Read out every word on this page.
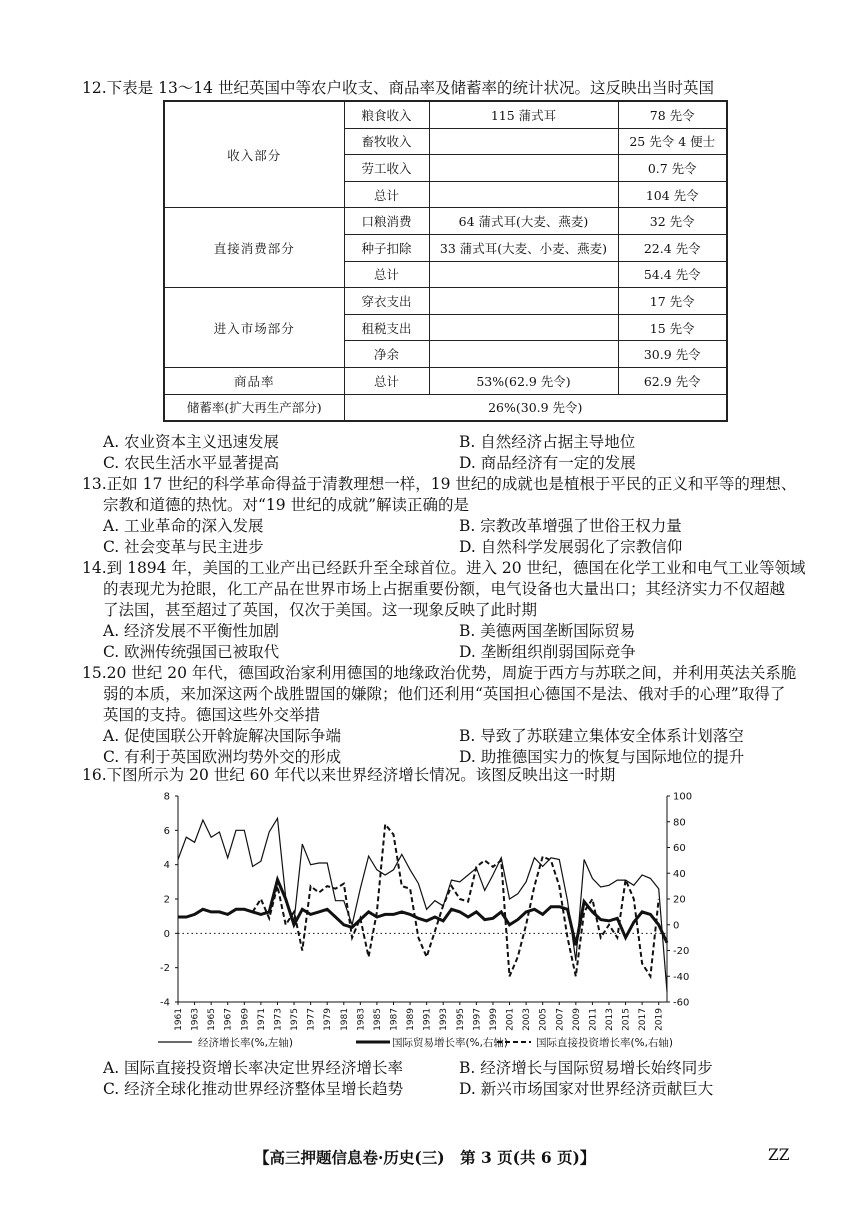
12.下表是 13～14 世纪英国中等农户收支、商品率及储蓄率的统计状况。这反映出当时英国
收入部分	粮食收入	115 蒲式耳	78 先令
	畜牧收入		25 先令 4 便士
	劳工收入		0.7 先令
	总计		104 先令
直接消费部分	口粮消费	64 蒲式耳(大麦、燕麦)	32 先令
	种子扣除	33 蒲式耳(大麦、小麦、燕麦)	22.4 先令
	总计		54.4 先令
进入市场部分	穿衣支出		17 先令
	租税支出		15 先令
	净余		30.9 先令
商品率	总计	53%(62.9 先令)	62.9 先令
储蓄率(扩大再生产部分)	26%(30.9 先令)		
A. 农业资本主义迅速发展	B. 自然经济占据主导地位
C. 农民生活水平显著提高	D. 商品经济有一定的发展
13.正如 17 世纪的科学革命得益于清教理想一样，19 世纪的成就也是植根于平民的正义和平等的理想、
宗教和道德的热忱。对“19 世纪的成就”解读正确的是
A. 工业革命的深入发展	B. 宗教改革增强了世俗王权力量
C. 社会变革与民主进步	D. 自然科学发展弱化了宗教信仰
14.到 1894 年，美国的工业产出已经跃升至全球首位。进入 20 世纪，德国在化学工业和电气工业等领域
的表现尤为抢眼，化工产品在世界市场上占据重要份额，电气设备也大量出口；其经济实力不仅超越
了法国，甚至超过了英国，仅次于美国。这一现象反映了此时期
A. 经济发展不平衡性加剧	B. 美德两国垄断国际贸易
C. 欧洲传统强国已被取代	D. 垄断组织削弱国际竞争
15.20 世纪 20 年代，德国政治家利用德国的地缘政治优势，周旋于西方与苏联之间，并利用英法关系脆
弱的本质，来加深这两个战胜盟国的嫌隙；他们还利用“英国担心德国不是法、俄对手的心理”取得了
英国的支持。德国这些外交举措
A. 促使国联公开斡旋解决国际争端	B. 导致了苏联建立集体安全体系计划落空
C. 有利于英国欧洲均势外交的形成	D. 助推德国实力的恢复与国际地位的提升
16.下图所示为 20 世纪 60 年代以来世界经济增长情况。该图反映出这一时期
-4
-2
0
2
4
6
8
-60
-40
-20
0
20
40
60
80
100
1961 1963 1965 1967 1969 1971 1973 1975 1977 1979 1981 1983 1985 1987 1989 1991 1993 1995 1997 1999 2001 2003 2005 2007 2009 2011 2013 2015 2017 2019
经济增长率(%,左轴)	国际贸易增长率(%,右轴)	国际直接投资增长率(%,右轴)
A. 国际直接投资增长率决定世界经济增长率	B. 经济增长与国际贸易增长始终同步
C. 经济全球化推动世界经济整体呈增长趋势	D. 新兴市场国家对世界经济贡献巨大
【高三押题信息卷·历史(三)　第 3 页(共 6 页)】	ZZ
